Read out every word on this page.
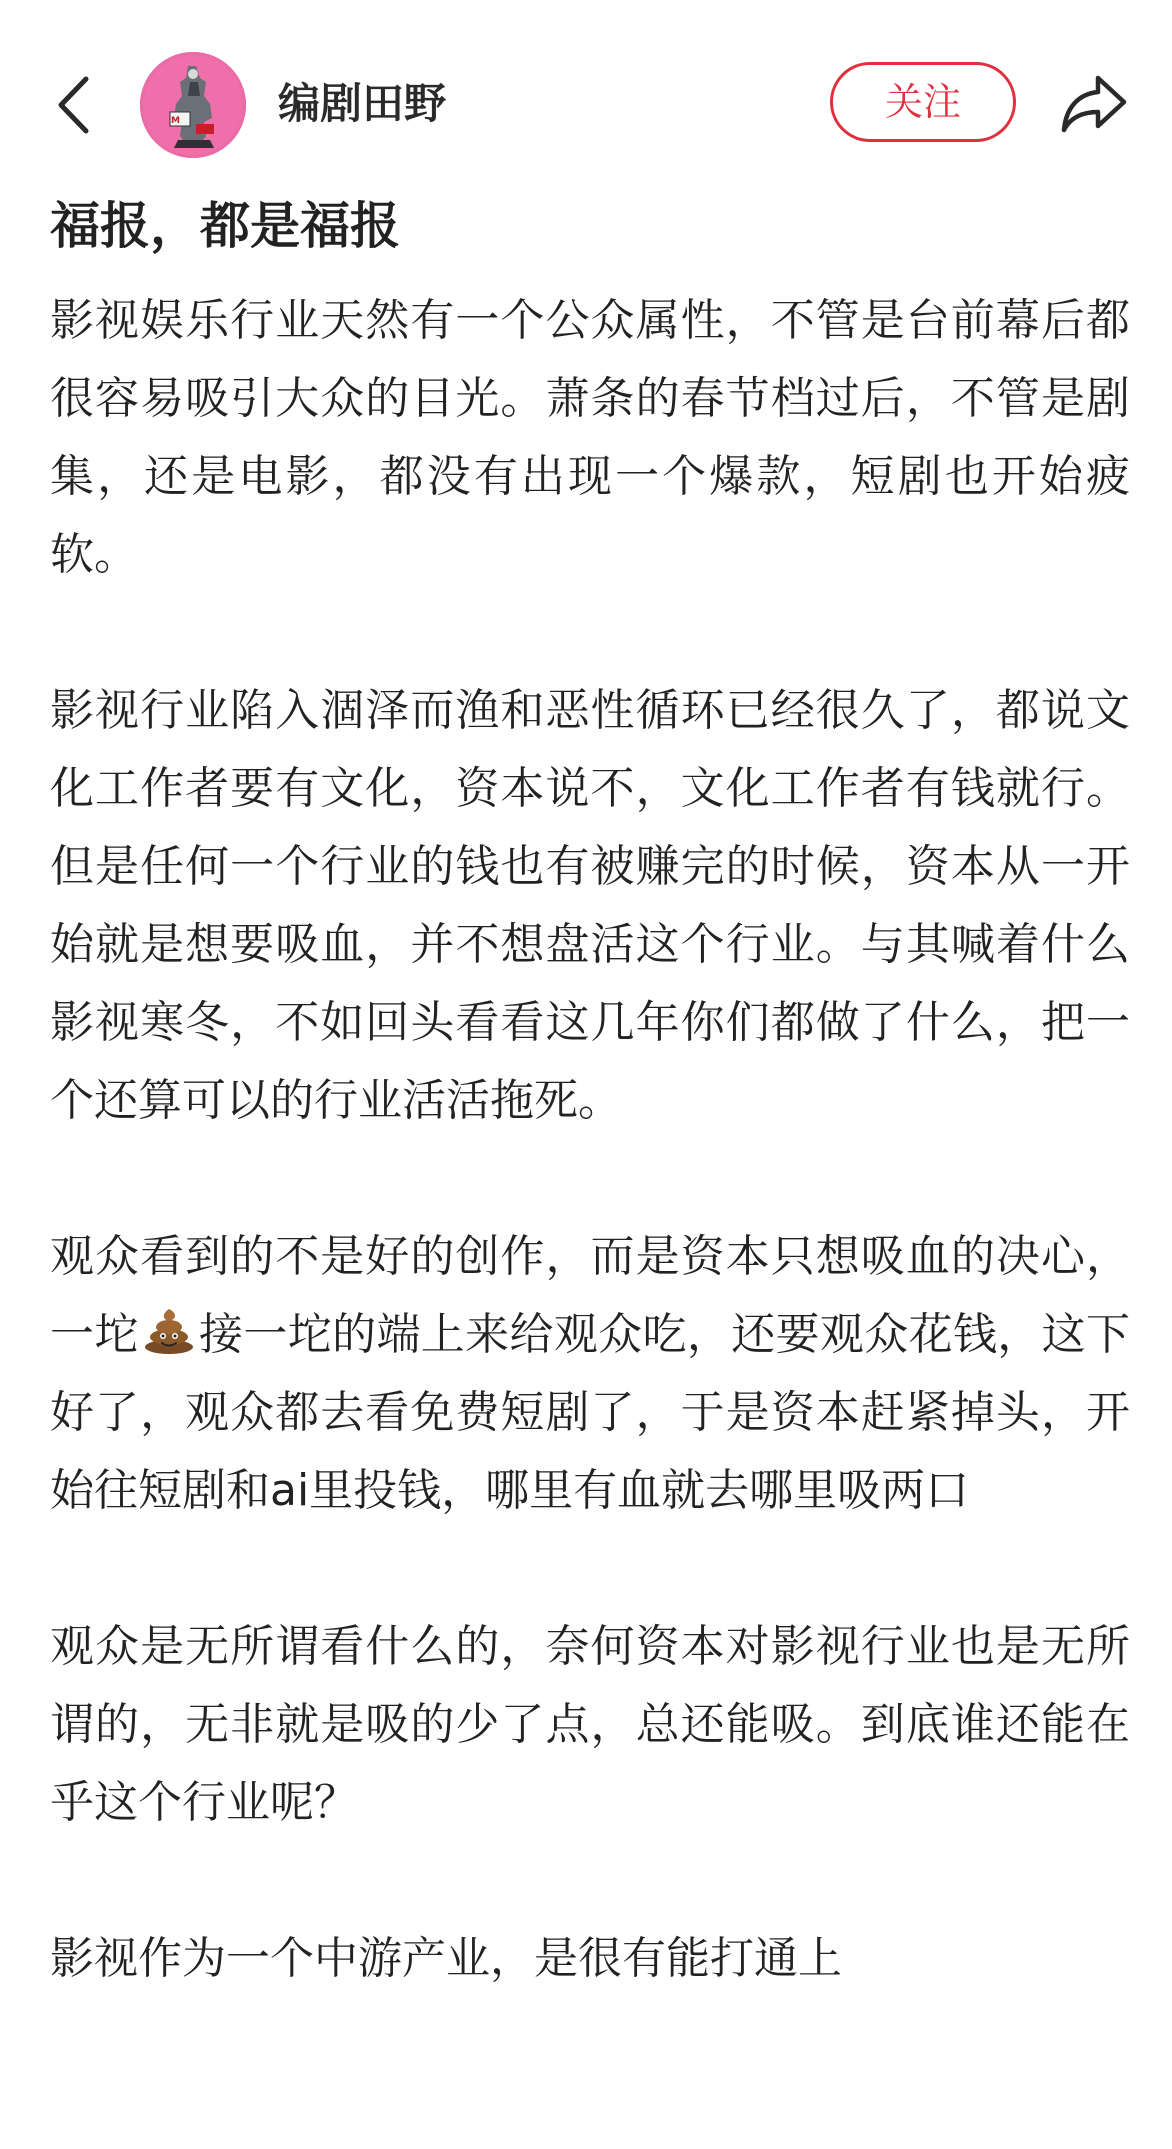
M 编剧田野	关注
福报，都是福报

影视娱乐行业天然有一个公众属性，不管是台前幕后都很容易吸引大众的目光。萧条的春节档过后，不管是剧集，还是电影，都没有出现一个爆款，短剧也开始疲软。

影视行业陷入涸泽而渔和恶性循环已经很久了，都说文化工作者要有文化，资本说不，文化工作者有钱就行。但是任何一个行业的钱也有被赚完的时候，资本从一开始就是想要吸血，并不想盘活这个行业。与其喊着什么影视寒冬，不如回头看看这几年你们都做了什么，把一个还算可以的行业活活拖死。

观众看到的不是好的创作，而是资本只想吸血的决心，一坨 接一坨的端上来给观众吃，还要观众花钱，这下好了，观众都去看免费短剧了，于是资本赶紧掉头，开始往短剧和ai里投钱，哪里有血就去哪里吸两口

观众是无所谓看什么的，奈何资本对影视行业也是无所谓的，无非就是吸的少了点，总还能吸。到底谁还能在乎这个行业呢？

影视作为一个中游产业，是很有能打通上
